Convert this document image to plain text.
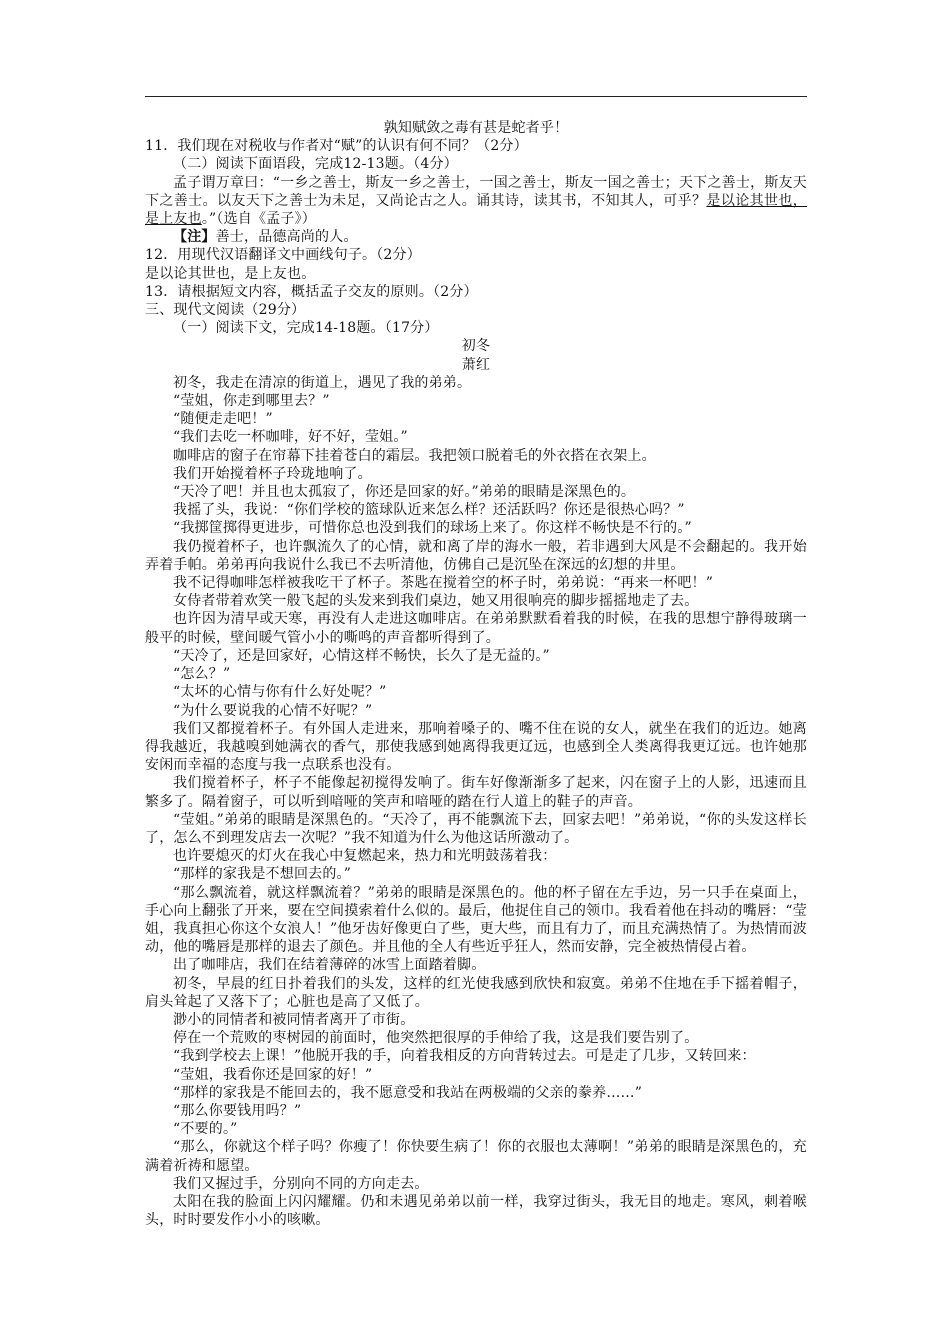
孰知赋敛之毒有甚是蛇者乎！

11．我们现在对税收与作者对“赋”的认识有何不同？（2分）

（二）阅读下面语段，完成12-13题。（4分）

孟子谓万章曰：“一乡之善士，斯友一乡之善士，一国之善士，斯友一国之善士；天下之善士，斯友天下之善士。以友天下之善士为未足，又尚论古之人。诵其诗，读其书，不知其人，可乎？是以论其世也，是上友也。”（选自《孟子》）

【注】善士，品德高尚的人。

12．用现代汉语翻译文中画线句子。（2分）

是以论其世也，是上友也。

13．请根据短文内容，概括孟子交友的原则。（2分）

三、现代文阅读（29分）

（一）阅读下文，完成14-18题。（17分）

初冬

萧红

初冬，我走在清凉的街道上，遇见了我的弟弟。

“莹姐，你走到哪里去？”

“随便走走吧！”

“我们去吃一杯咖啡，好不好，莹姐。”

咖啡店的窗子在帘幕下挂着苍白的霜层。我把领口脱着毛的外衣搭在衣架上。

我们开始搅着杯子玲珑地响了。

“天冷了吧！并且也太孤寂了，你还是回家的好。”弟弟的眼睛是深黑色的。

我摇了头，我说：“你们学校的篮球队近来怎么样？还活跃吗？你还是很热心吗？”

“我掷筐掷得更进步，可惜你总也没到我们的球场上来了。你这样不畅快是不行的。”

我仍搅着杯子，也许飘流久了的心情，就和离了岸的海水一般，若非遇到大风是不会翻起的。我开始弄着手帕。弟弟再向我说什么我已不去听清他，仿佛自己是沉坠在深远的幻想的井里。

我不记得咖啡怎样被我吃干了杯子。茶匙在搅着空的杯子时，弟弟说：“再来一杯吧！”

女侍者带着欢笑一般飞起的头发来到我们桌边，她又用很响亮的脚步摇摇地走了去。

也许因为清早或天寒，再没有人走进这咖啡店。在弟弟默默看着我的时候，在我的思想宁静得玻璃一般平的时候，壁间暖气管小小的嘶鸣的声音都听得到了。

“天冷了，还是回家好，心情这样不畅快，长久了是无益的。”

“怎么？”

“太坏的心情与你有什么好处呢？”

“为什么要说我的心情不好呢？”

我们又都搅着杯子。有外国人走进来，那响着嗓子的、嘴不住在说的女人，就坐在我们的近边。她离得我越近，我越嗅到她满衣的香气，那使我感到她离得我更辽远，也感到全人类离得我更辽远。也许她那安闲而幸福的态度与我一点联系也没有。

我们搅着杯子，杯子不能像起初搅得发响了。街车好像渐渐多了起来，闪在窗子上的人影，迅速而且繁多了。隔着窗子，可以听到喑哑的笑声和喑哑的踏在行人道上的鞋子的声音。

“莹姐。”弟弟的眼睛是深黑色的。“天冷了，再不能飘流下去，回家去吧！”弟弟说，“你的头发这样长了，怎么不到理发店去一次呢？”我不知道为什么为他这话所激动了。

也许要熄灭的灯火在我心中复燃起来，热力和光明鼓荡着我：

“那样的家我是不想回去的。”

“那么飘流着，就这样飘流着？”弟弟的眼睛是深黑色的。他的杯子留在左手边，另一只手在桌面上，手心向上翻张了开来，要在空间摸索着什么似的。最后，他捉住自己的领巾。我看着他在抖动的嘴唇：“莹姐，我真担心你这个女浪人！”他牙齿好像更白了些，更大些，而且有力了，而且充满热情了。为热情而波动，他的嘴唇是那样的退去了颜色。并且他的全人有些近乎狂人，然而安静，完全被热情侵占着。

出了咖啡店，我们在结着薄碎的冰雪上面踏着脚。

初冬，早晨的红日扑着我们的头发，这样的红光使我感到欣快和寂寞。弟弟不住地在手下摇着帽子，肩头耸起了又落下了；心脏也是高了又低了。

渺小的同情者和被同情者离开了市街。

停在一个荒败的枣树园的前面时，他突然把很厚的手伸给了我，这是我们要告别了。

“我到学校去上课！”他脱开我的手，向着我相反的方向背转过去。可是走了几步，又转回来：

“莹姐，我看你还是回家的好！”

“那样的家我是不能回去的，我不愿意受和我站在两极端的父亲的豢养……”

“那么你要钱用吗？”

“不要的。”

“那么，你就这个样子吗？你瘦了！你快要生病了！你的衣服也太薄啊！”弟弟的眼睛是深黑色的，充满着祈祷和愿望。

我们又握过手，分别向不同的方向走去。

太阳在我的脸面上闪闪耀耀。仍和未遇见弟弟以前一样，我穿过街头，我无目的地走。寒风，刺着喉头，时时要发作小小的咳嗽。
